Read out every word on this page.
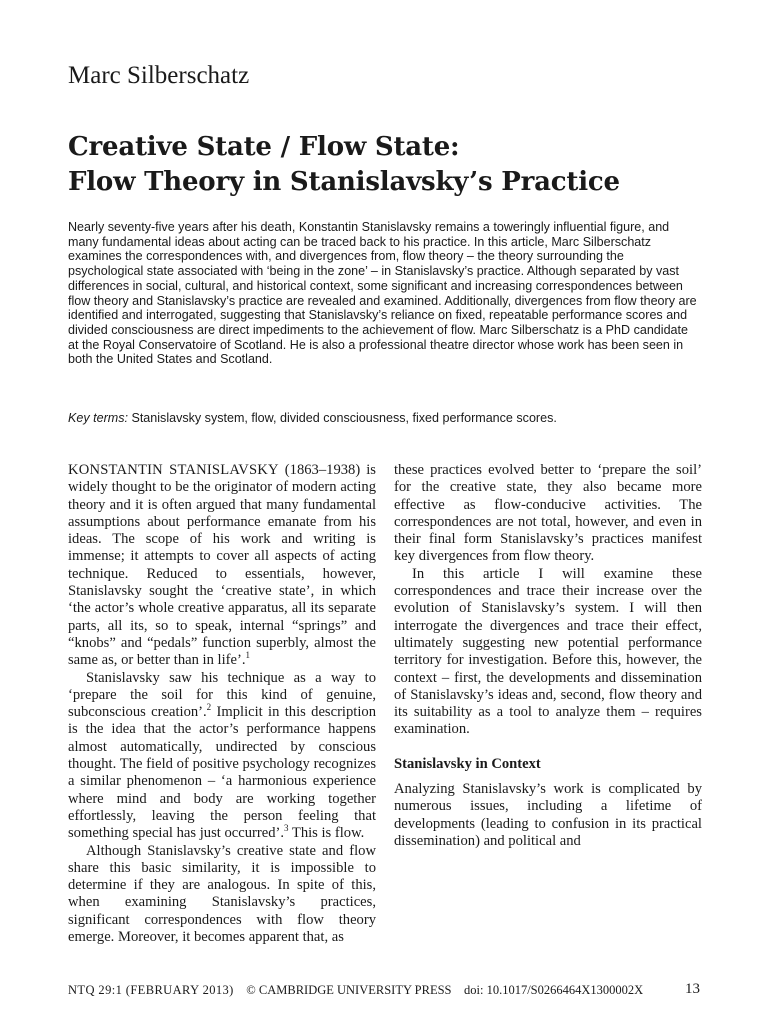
Marc Silberschatz
Creative State / Flow State:
Flow Theory in Stanislavsky’s Practice
Nearly seventy-five years after his death, Konstantin Stanislavsky remains a toweringly influential figure, and many fundamental ideas about acting can be traced back to his practice. In this article, Marc Silberschatz examines the correspondences with, and divergences from, flow theory – the theory surrounding the psychological state associated with ‘being in the zone’ – in Stanislavsky’s practice. Although separated by vast differences in social, cultural, and historical context, some significant and increasing correspondences between flow theory and Stanislavsky’s practice are revealed and examined. Additionally, divergences from flow theory are identified and interrogated, suggesting that Stanislavsky’s reliance on fixed, repeatable performance scores and divided consciousness are direct impediments to the achievement of flow. Marc Silberschatz is a PhD candidate at the Royal Conservatoire of Scotland. He is also a professional theatre director whose work has been seen in both the United States and Scotland.
Key terms: Stanislavsky system, flow, divided consciousness, fixed performance scores.

KONSTANTIN STANISLAVSKY (1863–1938) is widely thought to be the originator of modern acting theory and it is often argued that many fundamental assumptions about performance emanate from his ideas. The scope of his work and writing is immense; it attempts to cover all aspects of acting technique. Reduced to essentials, however, Stanislavsky sought the ‘creative state’, in which ‘the actor’s whole creative apparatus, all its separate parts, all its, so to speak, internal “springs” and “knobs” and “pedals” function superbly, almost the same as, or better than in life’.$^1$

Stanislavsky saw his technique as a way to ‘prepare the soil for this kind of genuine, subconscious creation’.$^2$ Implicit in this description is the idea that the actor’s performance happens almost automatically, undirected by conscious thought. The field of positive psychology recognizes a similar phenomenon – ‘a harmonious experience where mind and body are working together effortlessly, leaving the person feeling that something special has just occurred’.$^3$ This is flow.

Although Stanislavsky’s creative state and flow share this basic similarity, it is impossible to determine if they are analogous. In spite of this, when examining Stanislavsky’s practices, significant correspondences with flow theory emerge. Moreover, it becomes apparent that, as

these practices evolved better to ‘prepare the soil’ for the creative state, they also became more effective as flow-conducive activities. The correspondences are not total, however, and even in their final form Stanislavsky’s practices manifest key divergences from flow theory.

In this article I will examine these correspondences and trace their increase over the evolution of Stanislavsky’s system. I will then interrogate the divergences and trace their effect, ultimately suggesting new potential performance territory for investigation. Before this, however, the context – first, the developments and dissemination of Stanislavsky’s ideas and, second, flow theory and its suitability as a tool to analyze them – requires examination.

Stanislavsky in Context

Analyzing Stanislavsky’s work is complicated by numerous issues, including a lifetime of developments (leading to confusion in its practical dissemination) and political and

NTQ 29:1 (FEBRUARY 2013) © CAMBRIDGE UNIVERSITY PRESS doi: 10.1017/S0266464X1300002X	13
